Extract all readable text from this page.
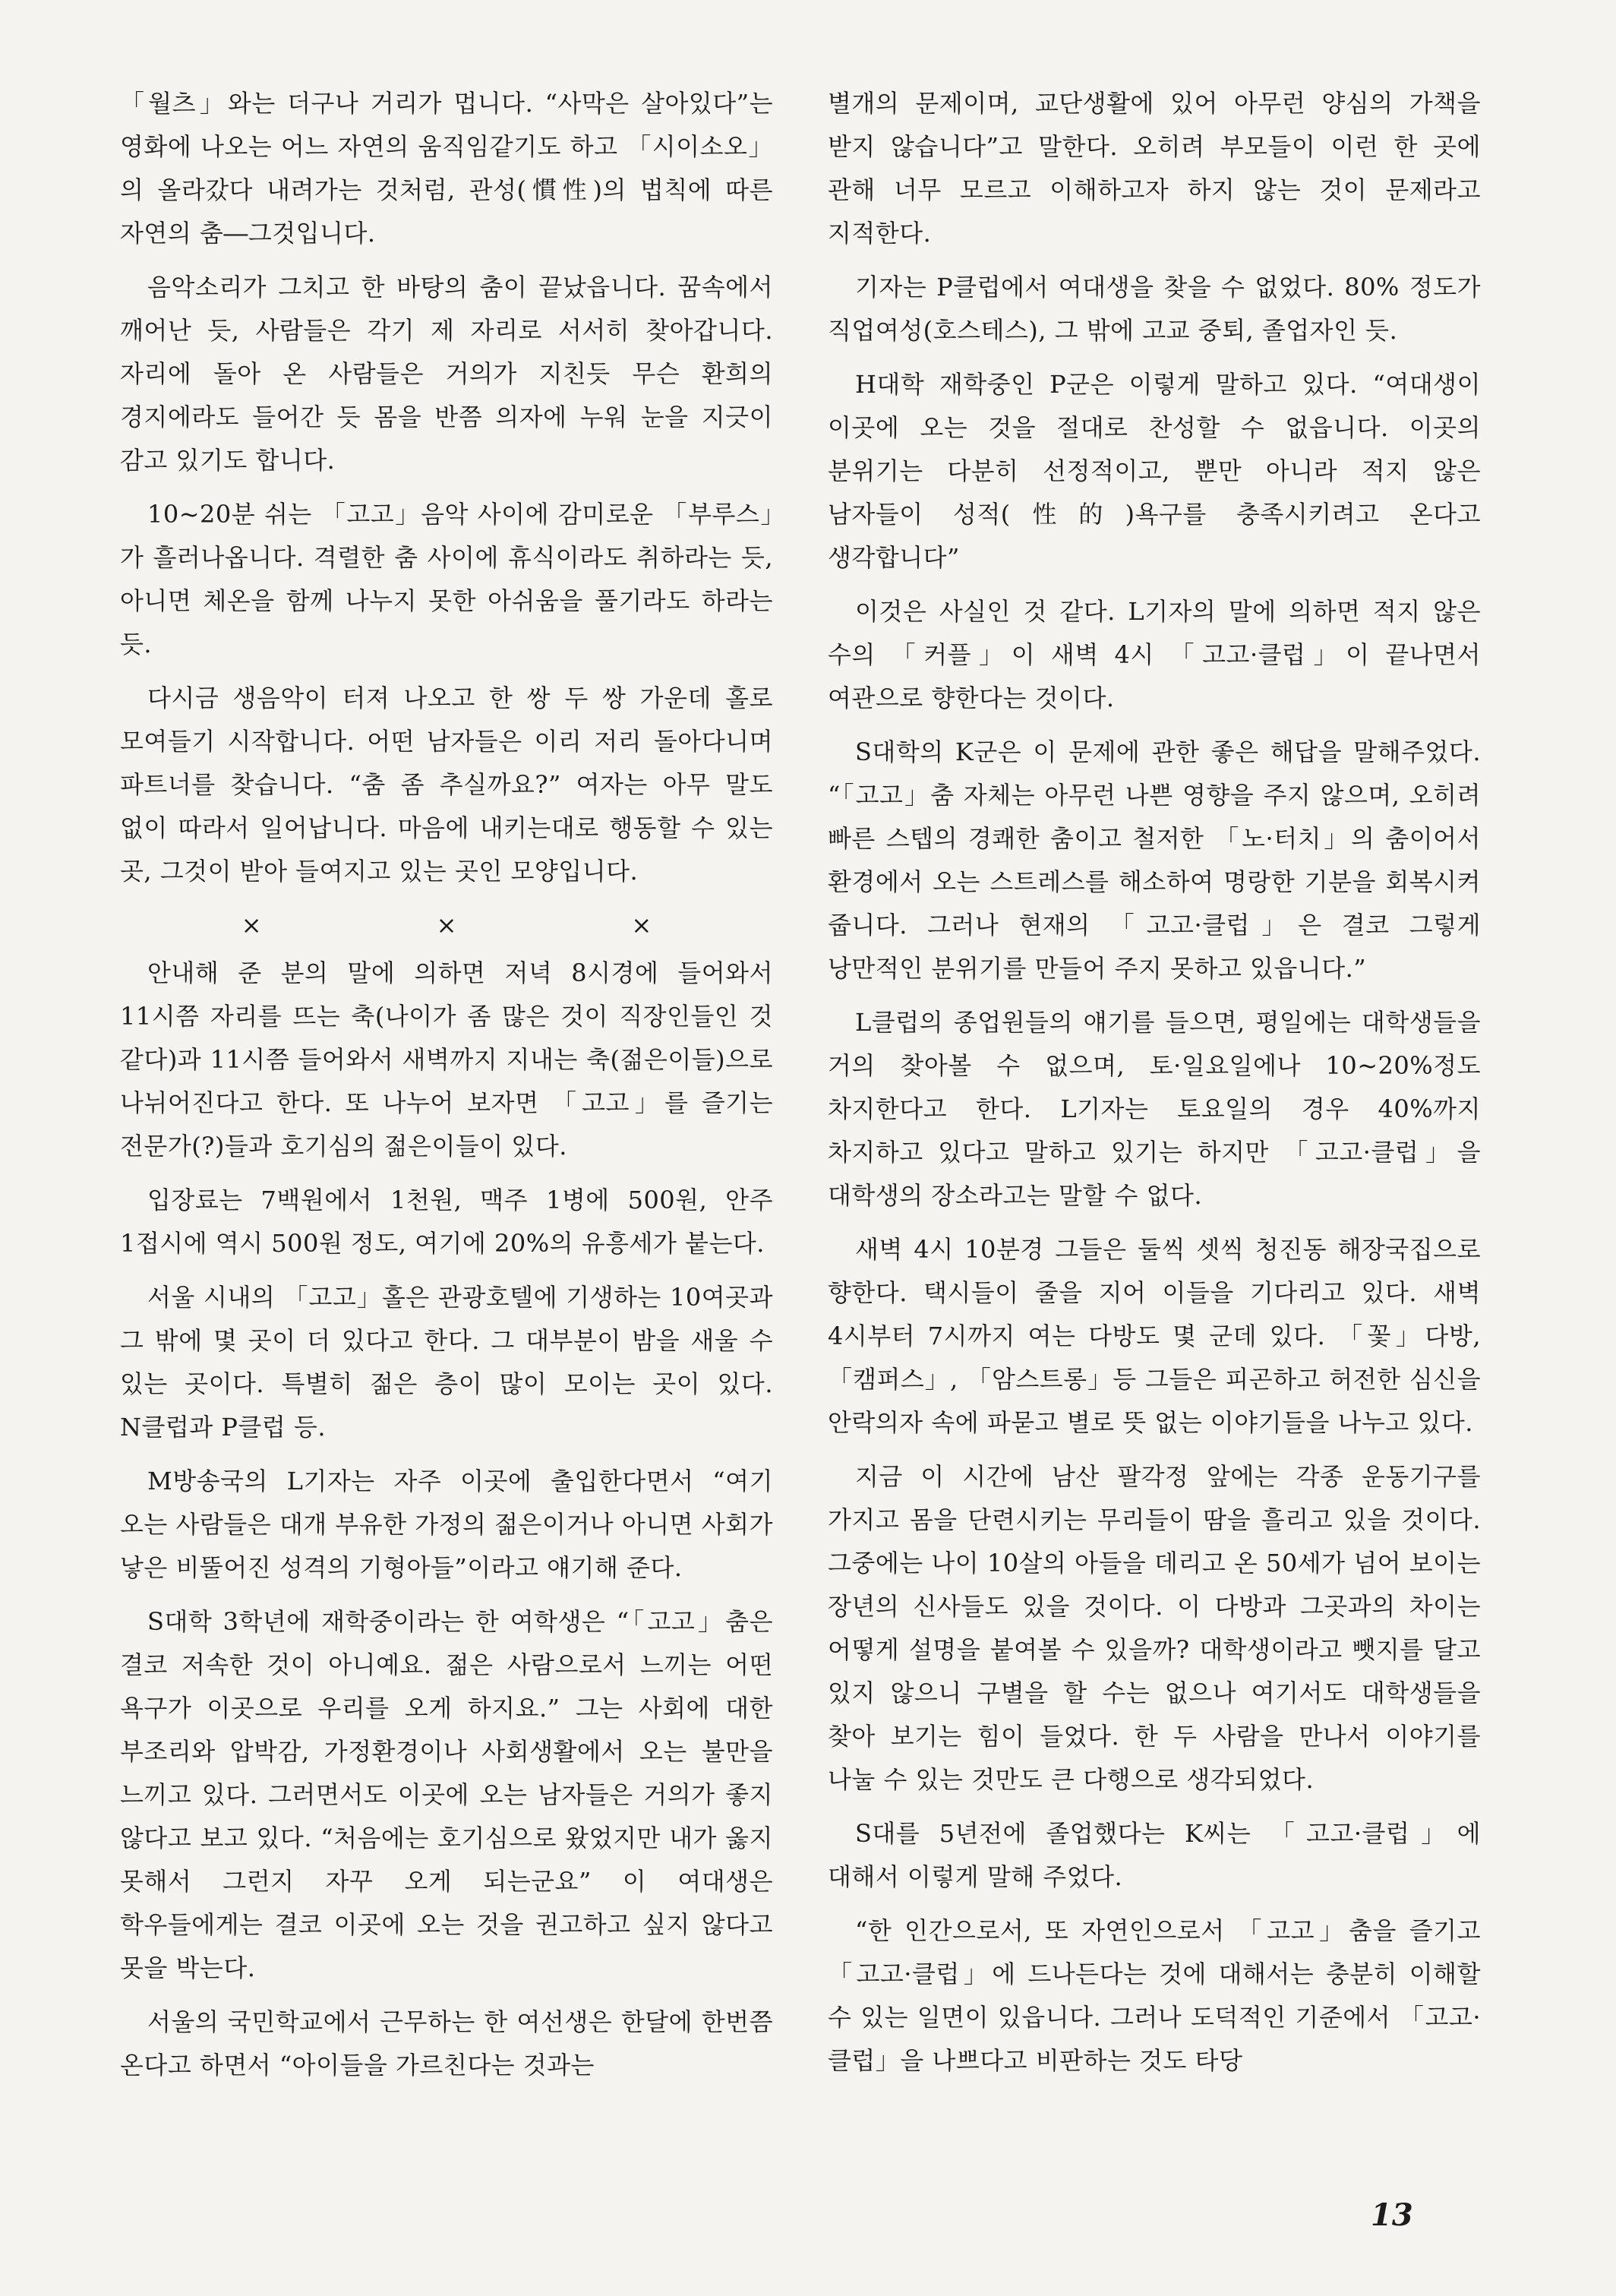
「월츠」와는 더구나 거리가 멉니다. “사막은 살아있다”는 영화에 나오는 어느 자연의 움직임같기도 하고 「시이소오」의 올라갔다 내려가는 것처럼, 관성(慣性)의 법칙에 따른 자연의 춤―그것입니다.

음악소리가 그치고 한 바탕의 춤이 끝났읍니다. 꿈속에서 깨어난 듯, 사람들은 각기 제 자리로 서서히 찾아갑니다. 자리에 돌아 온 사람들은 거의가 지친듯 무슨 환희의 경지에라도 들어간 듯 몸을 반쯤 의자에 누워 눈을 지긋이 감고 있기도 합니다.

10~20분 쉬는 「고고」음악 사이에 감미로운 「부루스」가 흘러나옵니다. 격렬한 춤 사이에 휴식이라도 취하라는 듯, 아니면 체온을 함께 나누지 못한 아쉬움을 풀기라도 하라는 듯.

다시금 생음악이 터져 나오고 한 쌍 두 쌍 가운데 홀로 모여들기 시작합니다. 어떤 남자들은 이리 저리 돌아다니며 파트너를 찾습니다. “춤 좀 추실까요?” 여자는 아무 말도 없이 따라서 일어납니다. 마음에 내키는대로 행동할 수 있는 곳, 그것이 받아 들여지고 있는 곳인 모양입니다.

×	×	×

안내해 준 분의 말에 의하면 저녁 8시경에 들어와서 11시쯤 자리를 뜨는 축(나이가 좀 많은 것이 직장인들인 것 같다)과 11시쯤 들어와서 새벽까지 지내는 축(젊은이들)으로 나뉘어진다고 한다. 또 나누어 보자면 「고고」를 즐기는 전문가(?)들과 호기심의 젊은이들이 있다.

입장료는 7백원에서 1천원, 맥주 1병에 500원, 안주 1접시에 역시 500원 정도, 여기에 20%의 유흥세가 붙는다.

서울 시내의 「고고」홀은 관광호텔에 기생하는 10여곳과 그 밖에 몇 곳이 더 있다고 한다. 그 대부분이 밤을 새울 수 있는 곳이다. 특별히 젊은 층이 많이 모이는 곳이 있다. N클럽과 P클럽 등.

M방송국의 L기자는 자주 이곳에 출입한다면서 “여기 오는 사람들은 대개 부유한 가정의 젊은이거나 아니면 사회가 낳은 비뚤어진 성격의 기형아들”이라고 얘기해 준다.

S대학 3학년에 재학중이라는 한 여학생은 “「고고」춤은 결코 저속한 것이 아니예요. 젊은 사람으로서 느끼는 어떤 욕구가 이곳으로 우리를 오게 하지요.” 그는 사회에 대한 부조리와 압박감, 가정환경이나 사회생활에서 오는 불만을 느끼고 있다. 그러면서도 이곳에 오는 남자들은 거의가 좋지 않다고 보고 있다. “처음에는 호기심으로 왔었지만 내가 옳지 못해서 그런지 자꾸 오게 되는군요” 이 여대생은 학우들에게는 결코 이곳에 오는 것을 권고하고 싶지 않다고 못을 박는다.

서울의 국민학교에서 근무하는 한 여선생은 한달에 한번쯤 온다고 하면서 “아이들을 가르친다는 것과는

별개의 문제이며, 교단생활에 있어 아무런 양심의 가책을 받지 않습니다”고 말한다. 오히려 부모들이 이런 한 곳에 관해 너무 모르고 이해하고자 하지 않는 것이 문제라고 지적한다.

기자는 P클럽에서 여대생을 찾을 수 없었다. 80% 정도가 직업여성(호스테스), 그 밖에 고교 중퇴, 졸업자인 듯.

H대학 재학중인 P군은 이렇게 말하고 있다. “여대생이 이곳에 오는 것을 절대로 찬성할 수 없읍니다. 이곳의 분위기는 다분히 선정적이고, 뿐만 아니라 적지 않은 남자들이 성적(性的)욕구를 충족시키려고 온다고 생각합니다”

이것은 사실인 것 같다. L기자의 말에 의하면 적지 않은 수의 「커플」이 새벽 4시 「고고·클럽」이 끝나면서 여관으로 향한다는 것이다.

S대학의 K군은 이 문제에 관한 좋은 해답을 말해주었다. “「고고」춤 자체는 아무런 나쁜 영향을 주지 않으며, 오히려 빠른 스텝의 경쾌한 춤이고 철저한 「노·터치」의 춤이어서 환경에서 오는 스트레스를 해소하여 명랑한 기분을 회복시켜 줍니다. 그러나 현재의 「고고·클럽」은 결코 그렇게 낭만적인 분위기를 만들어 주지 못하고 있읍니다.”

L클럽의 종업원들의 얘기를 들으면, 평일에는 대학생들을 거의 찾아볼 수 없으며, 토·일요일에나 10~20%정도 차지한다고 한다. L기자는 토요일의 경우 40%까지 차지하고 있다고 말하고 있기는 하지만 「고고·클럽」을 대학생의 장소라고는 말할 수 없다.

새벽 4시 10분경 그들은 둘씩 셋씩 청진동 해장국집으로 향한다. 택시들이 줄을 지어 이들을 기다리고 있다. 새벽 4시부터 7시까지 여는 다방도 몇 군데 있다. 「꽃」다방, 「캠퍼스」, 「암스트롱」등 그들은 피곤하고 허전한 심신을 안락의자 속에 파묻고 별로 뜻 없는 이야기들을 나누고 있다.

지금 이 시간에 남산 팔각정 앞에는 각종 운동기구를 가지고 몸을 단련시키는 무리들이 땀을 흘리고 있을 것이다. 그중에는 나이 10살의 아들을 데리고 온 50세가 넘어 보이는 장년의 신사들도 있을 것이다. 이 다방과 그곳과의 차이는 어떻게 설명을 붙여볼 수 있을까? 대학생이라고 뺏지를 달고 있지 않으니 구별을 할 수는 없으나 여기서도 대학생들을 찾아 보기는 힘이 들었다. 한 두 사람을 만나서 이야기를 나눌 수 있는 것만도 큰 다행으로 생각되었다.

S대를 5년전에 졸업했다는 K씨는 「고고·클럽」에 대해서 이렇게 말해 주었다.

“한 인간으로서, 또 자연인으로서 「고고」춤을 즐기고 「고고·클럽」에 드나든다는 것에 대해서는 충분히 이해할 수 있는 일면이 있읍니다. 그러나 도덕적인 기준에서 「고고·클럽」을 나쁘다고 비판하는 것도 타당

13
